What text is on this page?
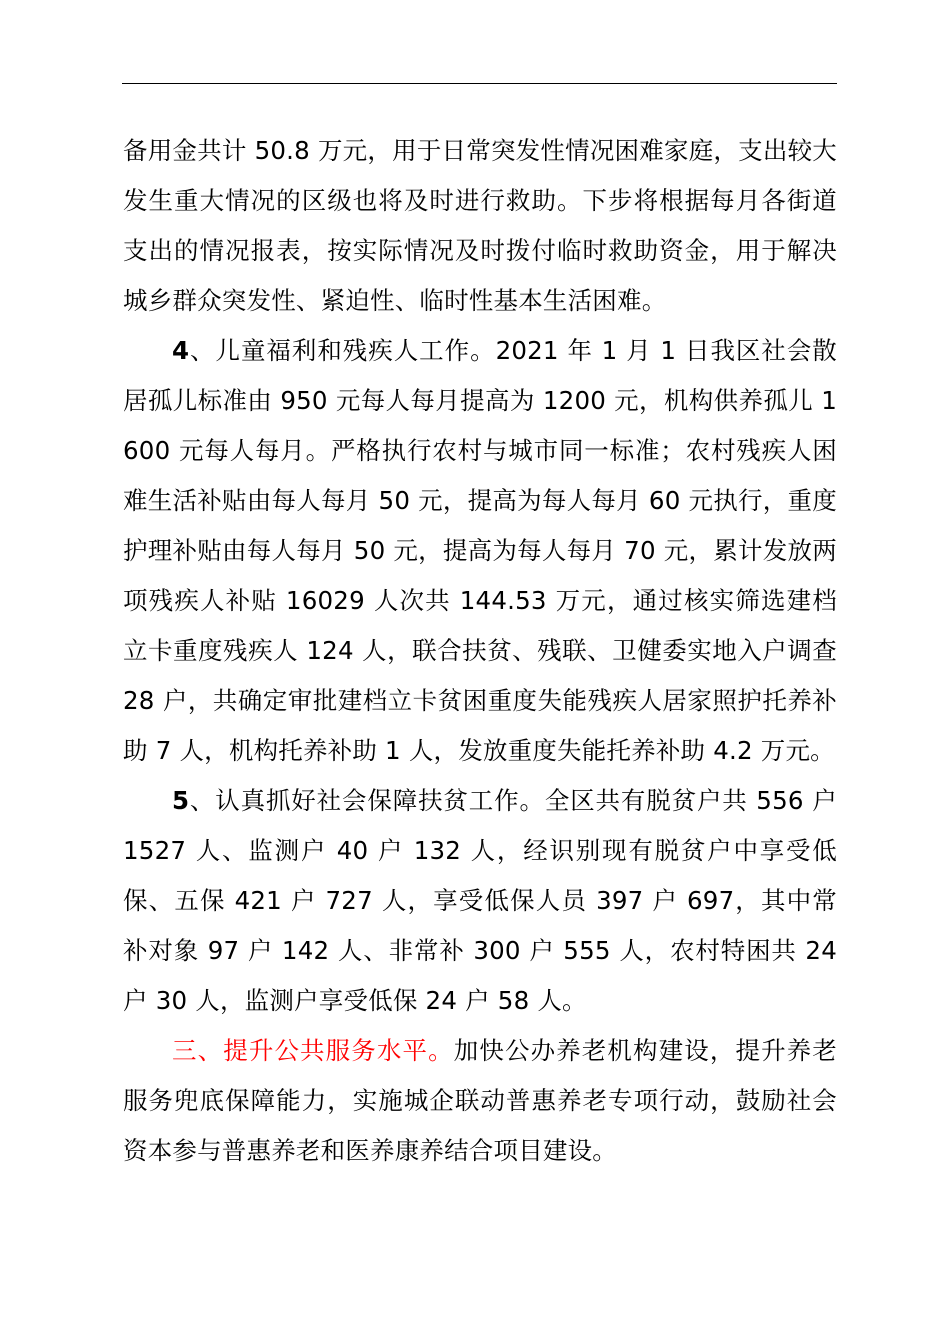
备用金共计 50.8 万元，用于日常突发性情况困难家庭，支出较大发生重大情况的区级也将及时进行救助。下步将根据每月各街道支出的情况报表，按实际情况及时拨付临时救助资金，用于解决城乡群众突发性、紧迫性、临时性基本生活困难。

4、儿童福利和残疾人工作。2021 年 1 月 1 日我区社会散居孤儿标准由 950 元每人每月提高为 1200 元，机构供养孤儿 1600 元每人每月。严格执行农村与城市同一标准；农村残疾人困难生活补贴由每人每月 50 元，提高为每人每月 60 元执行，重度护理补贴由每人每月 50 元，提高为每人每月 70 元，累计发放两项残疾人补贴 16029 人次共 144.53 万元，通过核实筛选建档立卡重度残疾人 124 人，联合扶贫、残联、卫健委实地入户调查 28 户，共确定审批建档立卡贫困重度失能残疾人居家照护托养补助 7 人，机构托养补助 1 人，发放重度失能托养补助 4.2 万元。

5、认真抓好社会保障扶贫工作。全区共有脱贫户共 556 户 1527 人、监测户 40 户 132 人，经识别现有脱贫户中享受低保、五保 421 户 727 人，享受低保人员 397 户 697，其中常补对象 97 户 142 人、非常补 300 户 555 人，农村特困共 24 户 30 人，监测户享受低保 24 户 58 人。

三、提升公共服务水平。加快公办养老机构建设，提升养老服务兜底保障能力，实施城企联动普惠养老专项行动，鼓励社会资本参与普惠养老和医养康养结合项目建设。
